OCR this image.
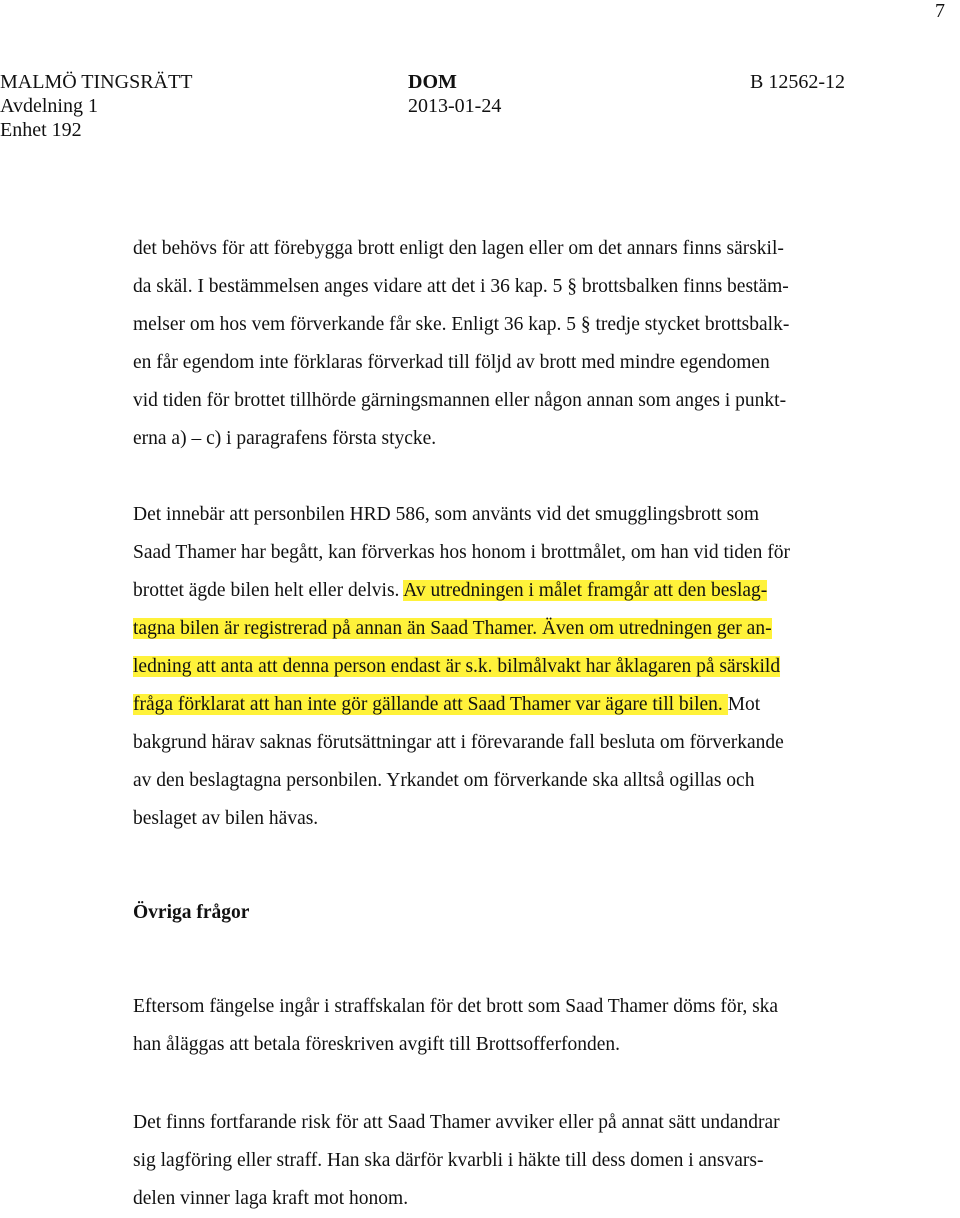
7
MALMÖ TINGSRÄTT
Avdelning 1
Enhet 192
DOM
2013-01-24
B 12562-12
det behövs för att förebygga brott enligt den lagen eller om det annars finns särskil-
da skäl. I bestämmelsen anges vidare att det i 36 kap. 5 § brottsbalken finns bestäm-
melser om hos vem förverkande får ske. Enligt 36 kap. 5 § tredje stycket brottsbalk-
en får egendom inte förklaras förverkad till följd av brott med mindre egendomen
vid tiden för brottet tillhörde gärningsmannen eller någon annan som anges i punkt-
erna a) – c) i paragrafens första stycke.
Det innebär att personbilen HRD 586, som använts vid det smugglingsbrott som
Saad Thamer har begått, kan förverkas hos honom i brottmålet, om han vid tiden för
brottet ägde bilen helt eller delvis. Av utredningen i målet framgår att den beslag-
tagna bilen är registrerad på annan än Saad Thamer. Även om utredningen ger an-
ledning att anta att denna person endast är s.k. bilmålvakt har åklagaren på särskild
fråga förklarat att han inte gör gällande att Saad Thamer var ägare till bilen. Mot
bakgrund härav saknas förutsättningar att i förevarande fall besluta om förverkande
av den beslagtagna personbilen. Yrkandet om förverkande ska alltså ogillas och
beslaget av bilen hävas.
Övriga frågor
Eftersom fängelse ingår i straffskalan för det brott som Saad Thamer döms för, ska
han åläggas att betala föreskriven avgift till Brottsofferfonden.
Det finns fortfarande risk för att Saad Thamer avviker eller på annat sätt undandrar
sig lagföring eller straff. Han ska därför kvarbli i häkte till dess domen i ansvars-
delen vinner laga kraft mot honom.
